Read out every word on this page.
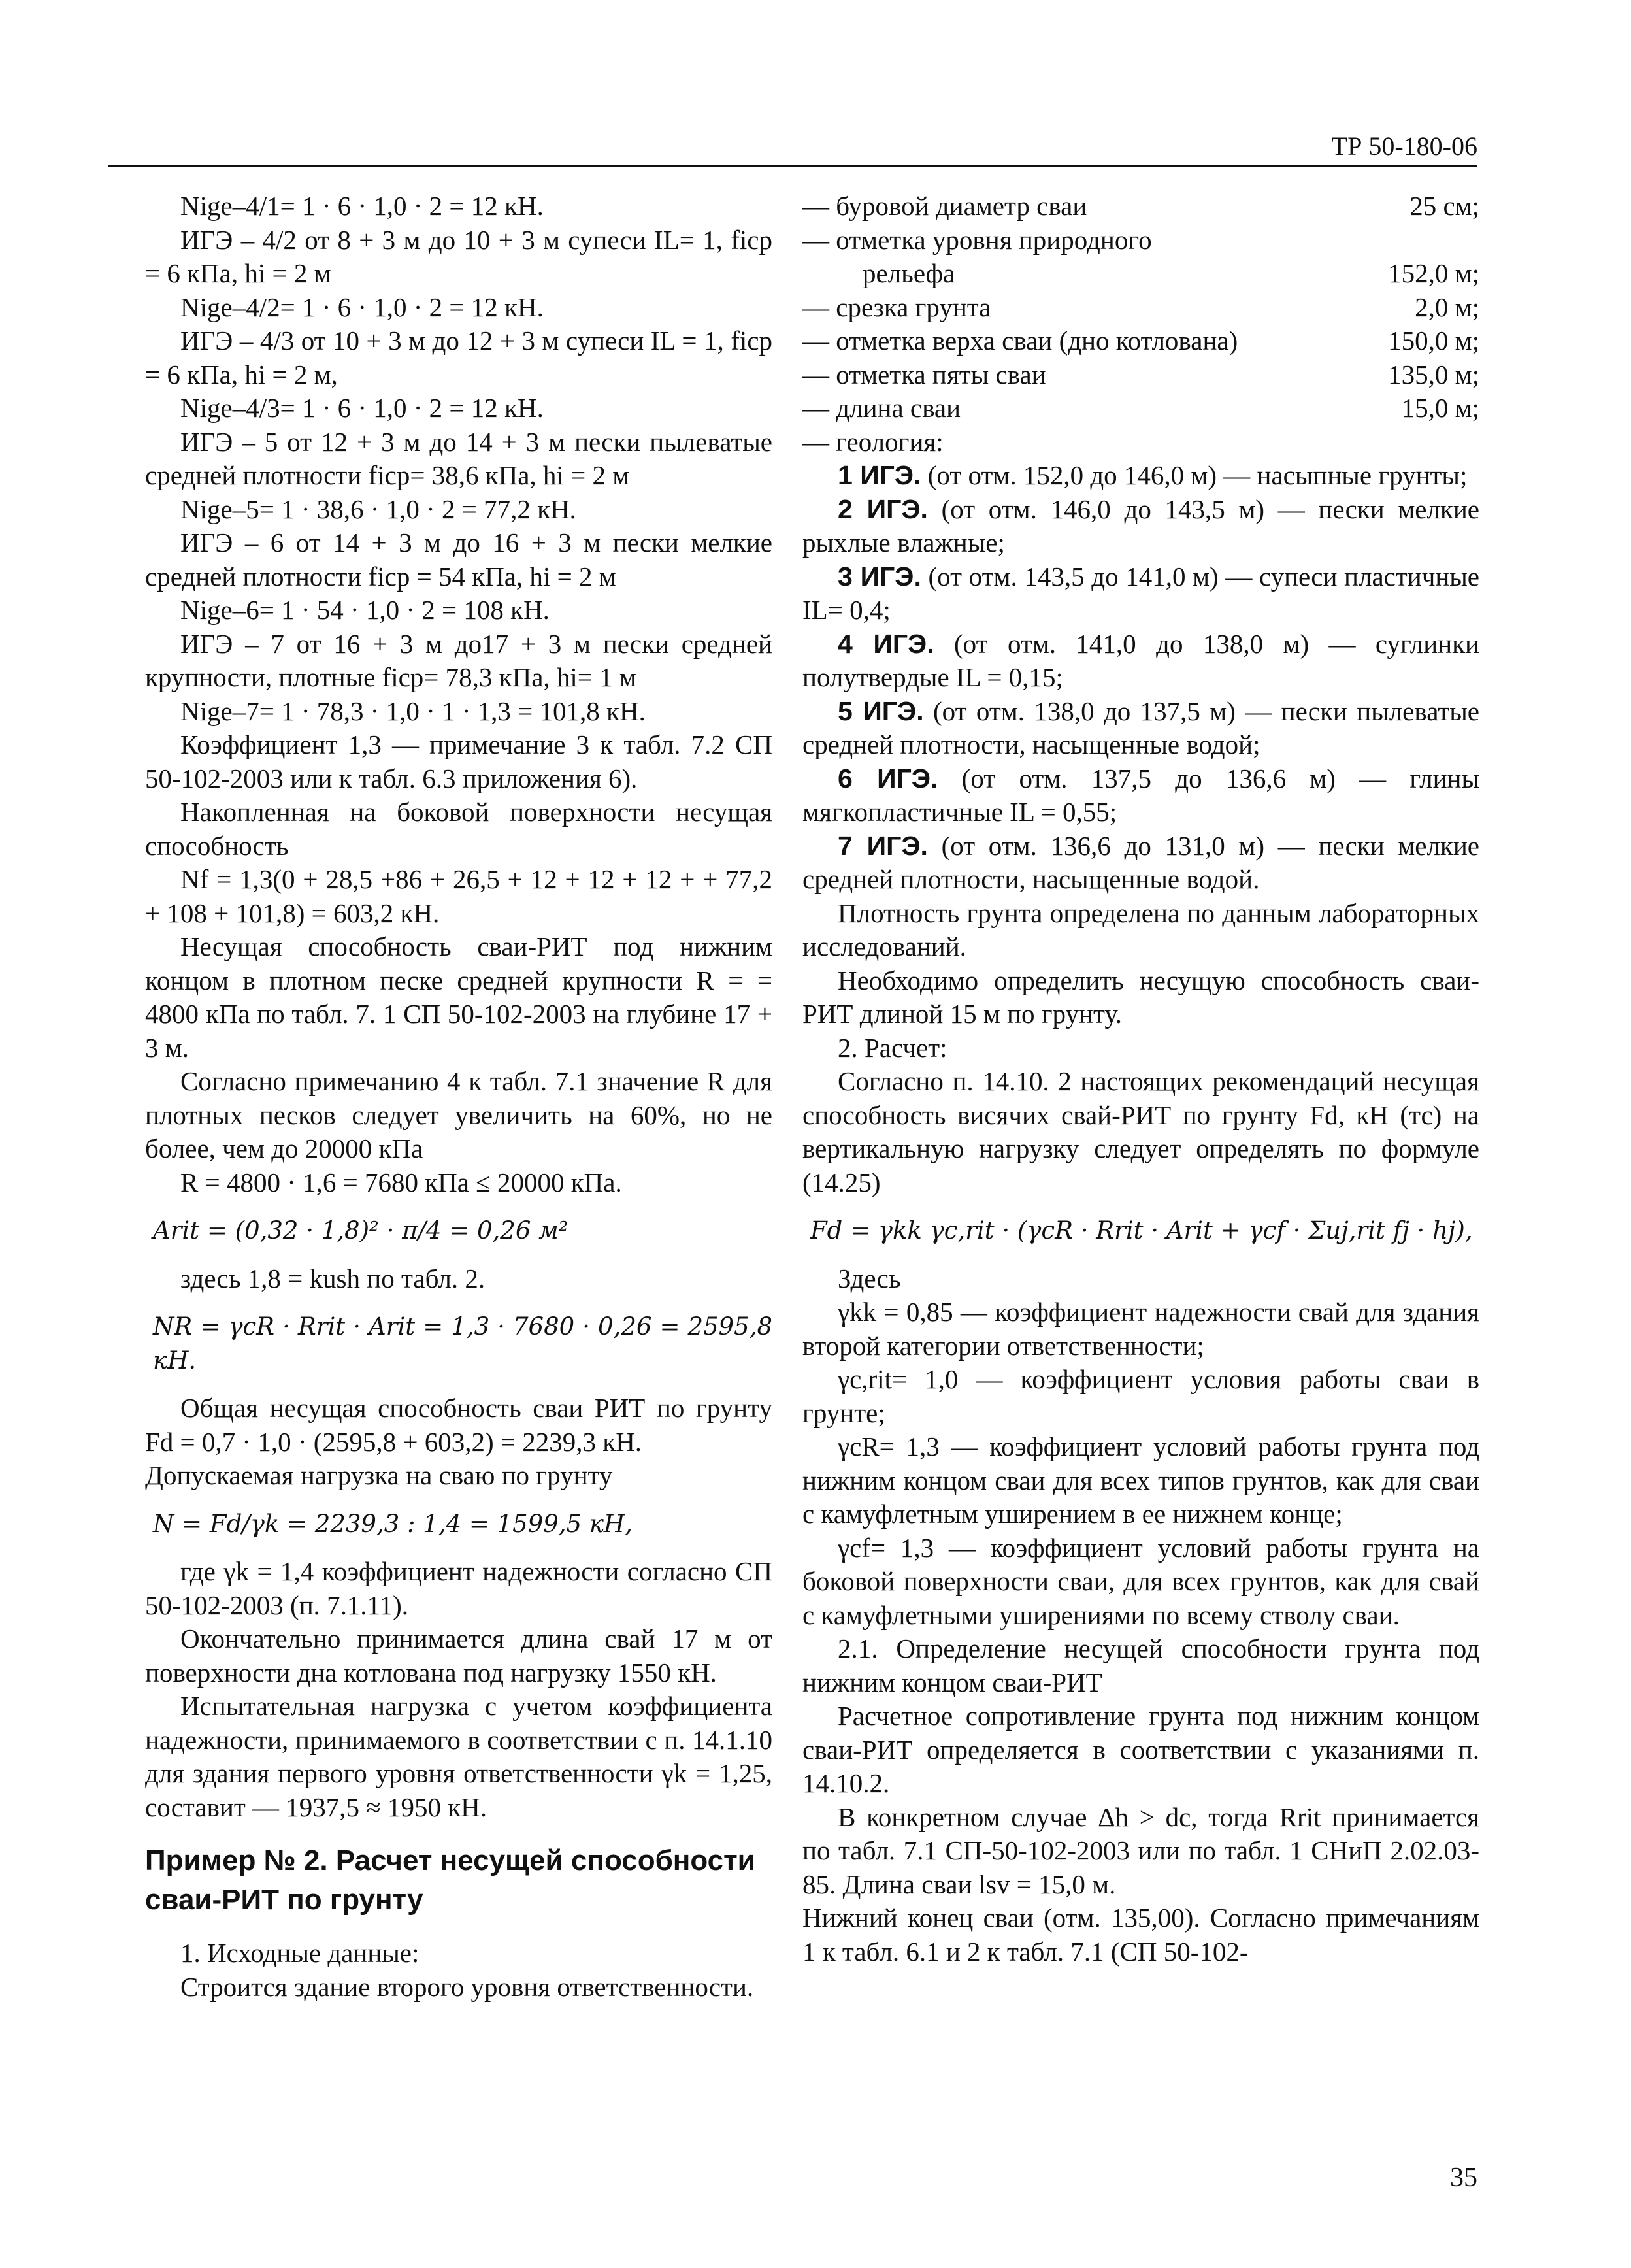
ТР 50-180-06

Nige–4/1= 1 · 6 · 1,0 · 2 = 12 кН.

ИГЭ – 4/2 от 8 + 3 м до 10 + 3 м супеси IL= 1, ficp = 6 кПа, hi = 2 м

Nige–4/2= 1 · 6 · 1,0 · 2 = 12 кН.

ИГЭ – 4/3 от 10 + 3 м до 12 + 3 м супеси IL = 1, ficp = 6 кПа, hi = 2 м,

Nige–4/3= 1 · 6 · 1,0 · 2 = 12 кН.

ИГЭ – 5 от 12 + 3 м до 14 + 3 м пески пылеватые средней плотности ficp= 38,6 кПа, hi = 2 м

Nige–5= 1 · 38,6 · 1,0 · 2 = 77,2 кН.

ИГЭ – 6 от 14 + 3 м до 16 + 3 м пески мелкие средней плотности ficp = 54 кПа, hi = 2 м

Nige–6= 1 · 54 · 1,0 · 2 = 108 кН.

ИГЭ – 7 от 16 + 3 м до17 + 3 м пески средней крупности, плотные ficp= 78,3 кПа, hi= 1 м

Nige–7= 1 · 78,3 · 1,0 · 1 · 1,3 = 101,8 кН.

Коэффициент 1,3 — примечание 3 к табл. 7.2 СП 50-102-2003 или к табл. 6.3 приложения 6).

Накопленная на боковой поверхности несущая способность

Nf = 1,3(0 + 28,5 +86 + 26,5 + 12 + 12 + 12 + + 77,2 + 108 + 101,8) = 603,2 кН.

Несущая способность сваи-РИТ под нижним концом в плотном песке средней крупности R = = 4800 кПа по табл. 7. 1 СП 50-102-2003 на глубине 17 + 3 м.

Согласно примечанию 4 к табл. 7.1 значение R для плотных песков следует увеличить на 60%, но не более, чем до 20000 кПа

R = 4800 · 1,6 = 7680 кПа ≤ 20000 кПа.

Arit = (0,32 · 1,8)² · π/4 = 0,26 м²

здесь 1,8 = kush по табл. 2.

NR = γcR · Rrit · Arit = 1,3 · 7680 · 0,26 = 2595,8 кН.

Общая несущая способность сваи РИТ по грунту Fd = 0,7 · 1,0 · (2595,8 + 603,2) = 2239,3 кН.

Допускаемая нагрузка на сваю по грунту

N = Fd/γk = 2239,3 : 1,4 = 1599,5 кН,

где γk = 1,4 коэффициент надежности согласно СП 50-102-2003 (п. 7.1.11).

Окончательно принимается длина свай 17 м от поверхности дна котлована под нагрузку 1550 кН.

Испытательная нагрузка с учетом коэффициента надежности, принимаемого в соответствии с п. 14.1.10 для здания первого уровня ответственности γk = 1,25, составит — 1937,5 ≈ 1950 кН.

Пример № 2. Расчет несущей способности сваи-РИТ по грунту

1. Исходные данные:

Строится здание второго уровня ответственности.

— буровой диаметр сваи	25 см;
— отметка уровня природного
рельефа	152,0 м;
— срезка грунта	2,0 м;
— отметка верха сваи (дно котлована)	150,0 м;
— отметка пяты сваи	135,0 м;
— длина сваи	15,0 м;
— геология:

1 ИГЭ. (от отм. 152,0 до 146,0 м) — насыпные грунты;

2 ИГЭ. (от отм. 146,0 до 143,5 м) — пески мелкие рыхлые влажные;

3 ИГЭ. (от отм. 143,5 до 141,0 м) — супеси пластичные IL= 0,4;

4 ИГЭ. (от отм. 141,0 до 138,0 м) — суглинки полутвердые IL = 0,15;

5 ИГЭ. (от отм. 138,0 до 137,5 м) — пески пылеватые средней плотности, насыщенные водой;

6 ИГЭ. (от отм. 137,5 до 136,6 м) — глины мягкопластичные IL = 0,55;

7 ИГЭ. (от отм. 136,6 до 131,0 м) — пески мелкие средней плотности, насыщенные водой.

Плотность грунта определена по данным лабораторных исследований.

Необходимо определить несущую способность сваи-РИТ длиной 15 м по грунту.

2. Расчет:

Согласно п. 14.10. 2 настоящих рекомендаций несущая способность висячих свай-РИТ по грунту Fd, кН (тс) на вертикальную нагрузку следует определять по формуле (14.25)

Fd = γkk γc,rit · (γcR · Rrit · Arit + γcf · Σuj,rit fj · hj),

Здесь

γkk = 0,85 — коэффициент надежности свай для здания второй категории ответственности;

γc,rit= 1,0 — коэффициент условия работы сваи в грунте;

γcR= 1,3 — коэффициент условий работы грунта под нижним концом сваи для всех типов грунтов, как для сваи с камуфлетным уширением в ее нижнем конце;

γcf= 1,3 — коэффициент условий работы грунта на боковой поверхности сваи, для всех грунтов, как для свай с камуфлетными уширениями по всему стволу сваи.

2.1. Определение несущей способности грунта под нижним концом сваи-РИТ

Расчетное сопротивление грунта под нижним концом сваи-РИТ определяется в соответствии с указаниями п. 14.10.2.

В конкретном случае Δh > dc, тогда Rrit принимается по табл. 7.1 СП-50-102-2003 или по табл. 1 СНиП 2.02.03-85. Длина сваи lsv = 15,0 м.

Нижний конец сваи (отм. 135,00). Согласно примечаниям 1 к табл. 6.1 и 2 к табл. 7.1 (СП 50-102-

35
